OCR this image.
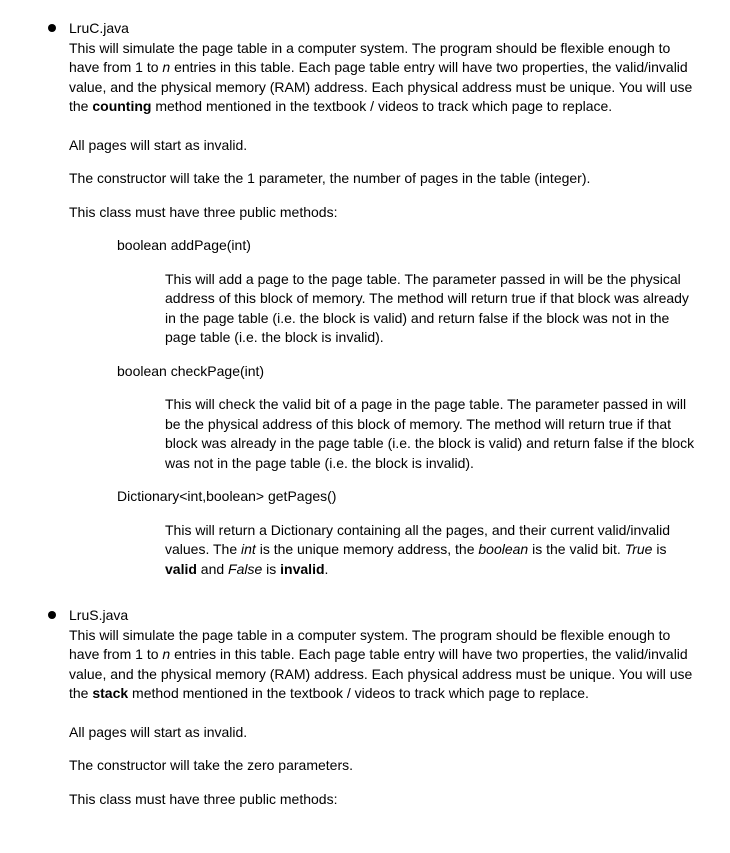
LruC.java

This will simulate the page table in a computer system. The program should be flexible enough to have from 1 to n entries in this table. Each page table entry will have two properties, the valid/invalid value, and the physical memory (RAM) address. Each physical address must be unique. You will use the counting method mentioned in the textbook / videos to track which page to replace.

All pages will start as invalid.

The constructor will take the 1 parameter, the number of pages in the table (integer).

This class must have three public methods:

boolean addPage(int)
This will add a page to the page table. The parameter passed in will be the physical address of this block of memory. The method will return true if that block was already in the page table (i.e. the block is valid) and return false if the block was not in the page table (i.e. the block is invalid).
boolean checkPage(int)
This will check the valid bit of a page in the page table. The parameter passed in will be the physical address of this block of memory. The method will return true if that block was already in the page table (i.e. the block is valid) and return false if the block was not in the page table (i.e. the block is invalid).
Dictionary<int,boolean> getPages()
This will return a Dictionary containing all the pages, and their current valid/invalid values. The int is the unique memory address, the boolean is the valid bit. True is valid and False is invalid.

LruS.java

This will simulate the page table in a computer system. The program should be flexible enough to have from 1 to n entries in this table. Each page table entry will have two properties, the valid/invalid value, and the physical memory (RAM) address. Each physical address must be unique. You will use the stack method mentioned in the textbook / videos to track which page to replace.

All pages will start as invalid.

The constructor will take the zero parameters.

This class must have three public methods:
